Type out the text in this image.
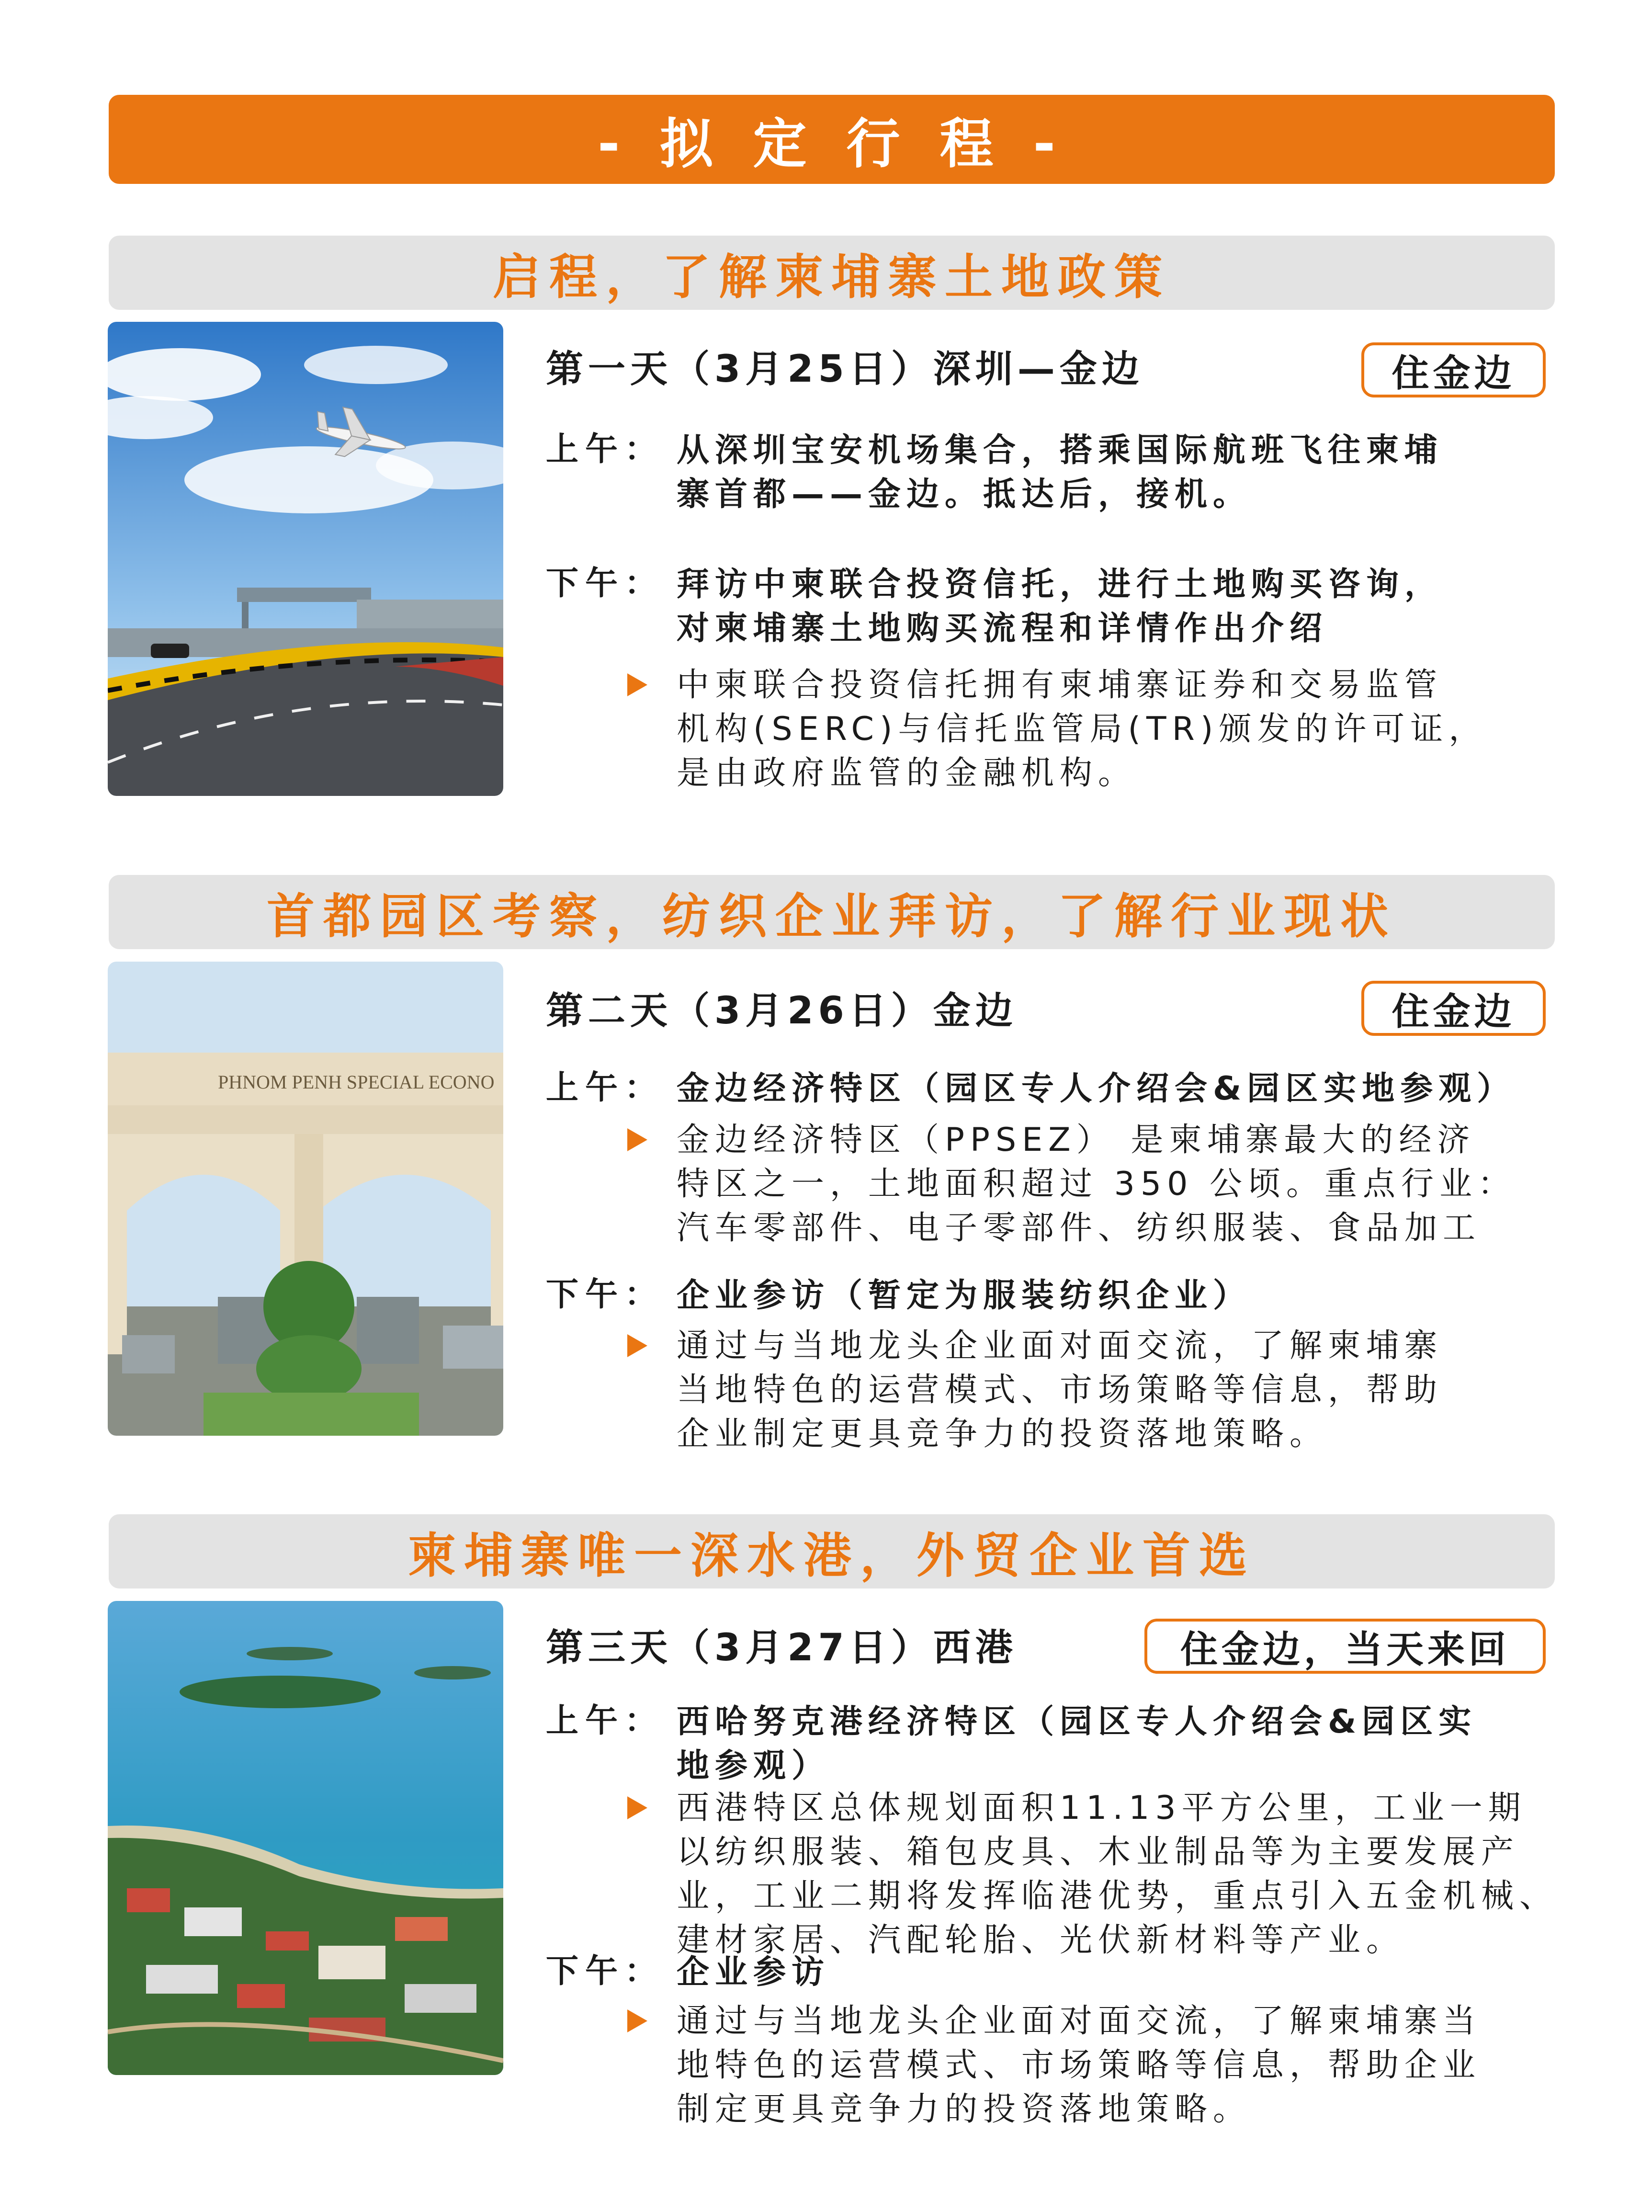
- 拟 定 行 程 -
启程，了解柬埔寨土地政策
第一天（3月25日）深圳—金边	住金边
上午： 从深圳宝安机场集合，搭乘国际航班飞往柬埔

寨首都——金边。抵达后，接机。

下午： 拜访中柬联合投资信托，进行土地购买咨询，

对柬埔寨土地购买流程和详情作出介绍

中柬联合投资信托拥有柬埔寨证券和交易监管

机构(SERC)与信托监管局(TR)颁发的许可证，

是由政府监管的金融机构。

首都园区考察，纺织企业拜访，了解行业现状
PHNOM PENH SPECIAL ECONO
第二天（3月26日）金边	住金边
上午： 金边经济特区（园区专人介绍会&园区实地参观）

金边经济特区（PPSEZ） 是柬埔寨最大的经济

特区之一，土地面积超过 350 公顷。重点行业：

汽车零部件、电子零部件、纺织服装、食品加工

下午： 企业参访（暂定为服装纺织企业）

通过与当地龙头企业面对面交流，了解柬埔寨

当地特色的运营模式、市场策略等信息，帮助

企业制定更具竞争力的投资落地策略。

柬埔寨唯一深水港，外贸企业首选
第三天（3月27日）西港	住金边，当天来回
上午： 西哈努克港经济特区（园区专人介绍会&园区实

地参观）

西港特区总体规划面积11.13平方公里，工业一期

以纺织服装、箱包皮具、木业制品等为主要发展产

业，工业二期将发挥临港优势，重点引入五金机械、

建材家居、汽配轮胎、光伏新材料等产业。

下午： 企业参访

通过与当地龙头企业面对面交流，了解柬埔寨当

地特色的运营模式、市场策略等信息，帮助企业

制定更具竞争力的投资落地策略。
